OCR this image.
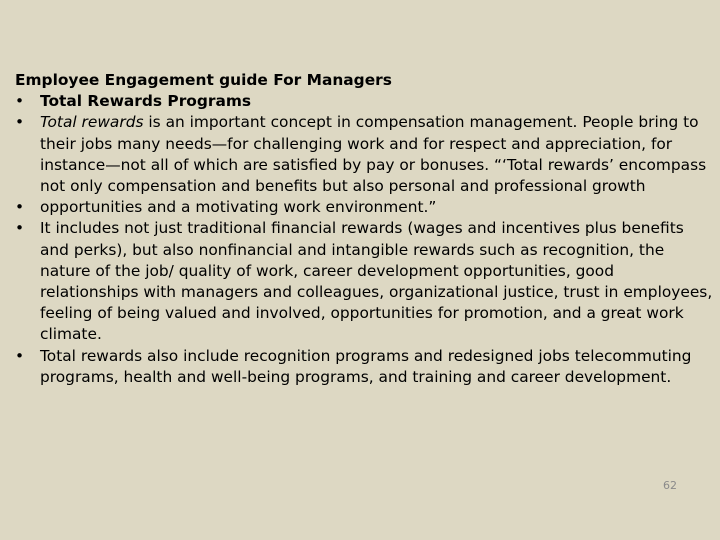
Employee Engagement guide For Managers
• Total Rewards Programs
• Total rewards is an important concept in compensation management. People bring to their jobs many needs—for challenging work and for respect and appreciation, for instance—not all of which are satisfied by pay or bonuses. “‘Total rewards’ encompass not only compensation and benefits but also personal and professional growth
• opportunities and a motivating work environment.”
• It includes not just traditional financial rewards (wages and incentives plus benefits and perks), but also nonfinancial and intangible rewards such as recognition, the nature of the job/ quality of work, career development opportunities, good relationships with managers and colleagues, organizational justice, trust in employees, feeling of being valued and involved, opportunities for promotion, and a great work climate.
• Total rewards also include recognition programs and redesigned jobs telecommuting programs, health and well-being programs, and training and career development.
62
